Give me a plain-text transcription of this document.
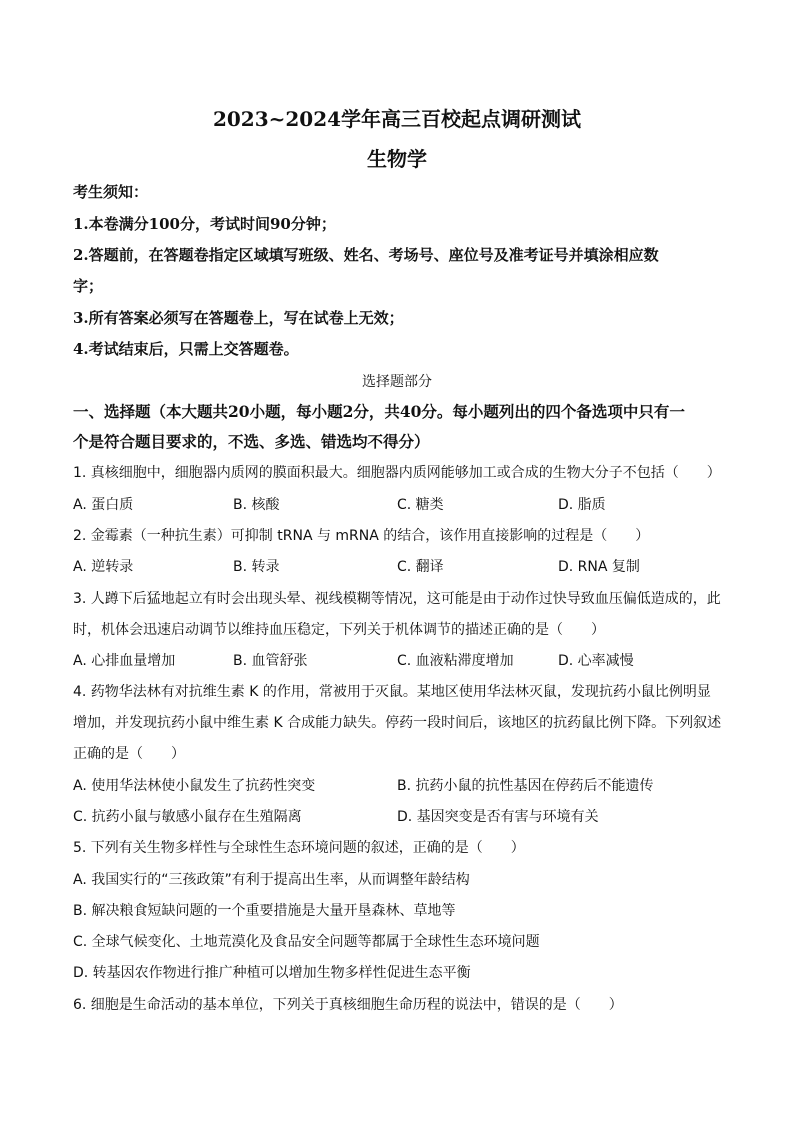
2023~2024学年高三百校起点调研测试
生物学
考生须知：
1.本卷满分100分，考试时间90分钟；
2.答题前，在答题卷指定区域填写班级、姓名、考场号、座位号及准考证号并填涂相应数
字；
3.所有答案必须写在答题卷上，写在试卷上无效；
4.考试结束后，只需上交答题卷。
选择题部分
一、选择题（本大题共20小题，每小题2分，共40分。每小题列出的四个备选项中只有一
个是符合题目要求的，不选、多选、错选均不得分）
1. 真核细胞中，细胞器内质网的膜面积最大。细胞器内质网能够加工或合成的生物大分子不包括（　　）
A. 蛋白质	B. 核酸	C. 糖类	D. 脂质
2. 金霉素（一种抗生素）可抑制 tRNA 与 mRNA 的结合，该作用直接影响的过程是（　　）
A. 逆转录	B. 转录	C. 翻译	D. RNA 复制
3. 人蹲下后猛地起立有时会出现头晕、视线模糊等情况，这可能是由于动作过快导致血压偏低造成的，此
时，机体会迅速启动调节以维持血压稳定，下列关于机体调节的描述正确的是（　　）
A. 心排血量增加	B. 血管舒张	C. 血液粘滞度增加	D. 心率减慢
4. 药物华法林有对抗维生素 K 的作用，常被用于灭鼠。某地区使用华法林灭鼠，发现抗药小鼠比例明显
增加，并发现抗药小鼠中维生素 K 合成能力缺失。停药一段时间后，该地区的抗药鼠比例下降。下列叙述
正确的是（　　）
A. 使用华法林使小鼠发生了抗药性突变	B. 抗药小鼠的抗性基因在停药后不能遗传
C. 抗药小鼠与敏感小鼠存在生殖隔离	D. 基因突变是否有害与环境有关
5. 下列有关生物多样性与全球性生态环境问题的叙述，正确的是（　　）
A. 我国实行的“三孩政策”有利于提高出生率，从而调整年龄结构
B. 解决粮食短缺问题的一个重要措施是大量开垦森林、草地等
C. 全球气候变化、土地荒漠化及食品安全问题等都属于全球性生态环境问题
D. 转基因农作物进行推广种植可以增加生物多样性促进生态平衡
6. 细胞是生命活动的基本单位，下列关于真核细胞生命历程的说法中，错误的是（　　）
